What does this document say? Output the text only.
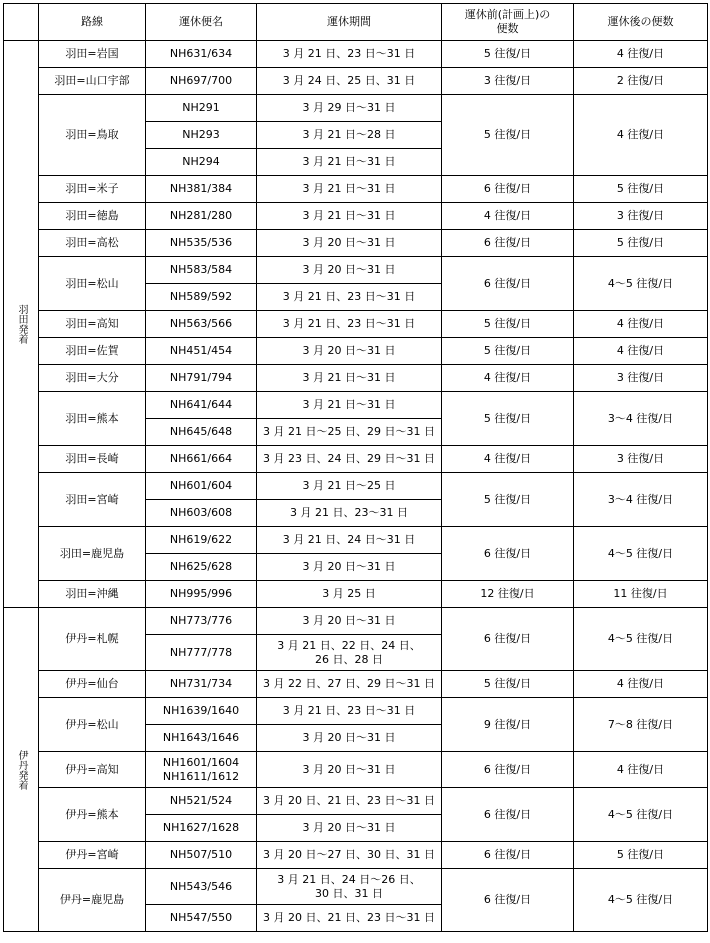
	路線	運休便名	運休期間	運休前(計画上)の
便数	運休後の便数
羽田発着	羽田=岩国	NH631/634	3 月 21 日、23 日～31 日	5 往復/日	4 往復/日
	羽田=山口宇部	NH697/700	3 月 24 日、25 日、31 日	3 往復/日	2 往復/日
	羽田=鳥取	NH291	3 月 29 日～31 日	5 往復/日	4 往復/日
		NH293	3 月 21 日～28 日		
		NH294	3 月 21 日～31 日		
	羽田=米子	NH381/384	3 月 21 日～31 日	6 往復/日	5 往復/日
	羽田=徳島	NH281/280	3 月 21 日～31 日	4 往復/日	3 往復/日
	羽田=高松	NH535/536	3 月 20 日～31 日	6 往復/日	5 往復/日
	羽田=松山	NH583/584	3 月 20 日～31 日	6 往復/日	4～5 往復/日
		NH589/592	3 月 21 日、23 日～31 日		
	羽田=高知	NH563/566	3 月 21 日、23 日～31 日	5 往復/日	4 往復/日
	羽田=佐賀	NH451/454	3 月 20 日～31 日	5 往復/日	4 往復/日
	羽田=大分	NH791/794	3 月 21 日～31 日	4 往復/日	3 往復/日
	羽田=熊本	NH641/644	3 月 21 日～31 日	5 往復/日	3～4 往復/日
		NH645/648	3 月 21 日～25 日、29 日～31 日		
	羽田=長崎	NH661/664	3 月 23 日、24 日、29 日～31 日	4 往復/日	3 往復/日
	羽田=宮崎	NH601/604	3 月 21 日～25 日	5 往復/日	3～4 往復/日
		NH603/608	3 月 21 日、23～31 日		
	羽田=鹿児島	NH619/622	3 月 21 日、24 日～31 日	6 往復/日	4～5 往復/日
		NH625/628	3 月 20 日～31 日		
	羽田=沖縄	NH995/996	3 月 25 日	12 往復/日	11 往復/日
伊丹発着	伊丹=札幌	NH773/776	3 月 20 日～31 日	6 往復/日	4～5 往復/日
		NH777/778	3 月 21 日、22 日、24 日、
26 日、28 日		
	伊丹=仙台	NH731/734	3 月 22 日、27 日、29 日～31 日	5 往復/日	4 往復/日
	伊丹=松山	NH1639/1640	3 月 21 日、23 日～31 日	9 往復/日	7～8 往復/日
		NH1643/1646	3 月 20 日～31 日		
	伊丹=高知	NH1601/1604
NH1611/1612	3 月 20 日～31 日	6 往復/日	4 往復/日
	伊丹=熊本	NH521/524	3 月 20 日、21 日、23 日～31 日	6 往復/日	4～5 往復/日
		NH1627/1628	3 月 20 日～31 日		
	伊丹=宮崎	NH507/510	3 月 20 日～27 日、30 日、31 日	6 往復/日	5 往復/日
	伊丹=鹿児島	NH543/546	3 月 21 日、24 日～26 日、
30 日、31 日	6 往復/日	4～5 往復/日
		NH547/550	3 月 20 日、21 日、23 日～31 日		
